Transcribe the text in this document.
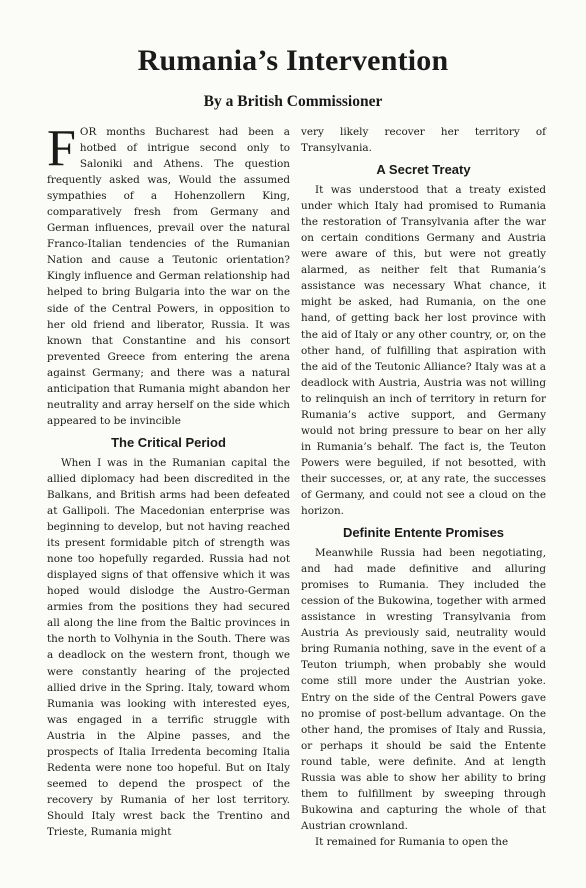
Rumania’s Intervention
By a British Commissioner

FOR months Bucharest had been a hotbed of intrigue second only to Saloniki and Athens. The question frequently asked was, Would the assumed sympathies of a Hohenzollern King, comparatively fresh from Germany and German influences, prevail over the natural Franco-Italian tendencies of the Rumanian Nation and cause a Teutonic orientation? Kingly influence and German relationship had helped to bring Bulgaria into the war on the side of the Central Powers, in opposition to her old friend and liberator, Russia. It was known that Constantine and his consort prevented Greece from entering the arena against Germany; and there was a natural anticipation that Rumania might abandon her neutrality and array herself on the side which appeared to be invincible

The Critical Period

When I was in the Rumanian capital the allied diplomacy had been discredited in the Balkans, and British arms had been defeated at Gallipoli. The Macedonian enterprise was beginning to develop, but not having reached its present formidable pitch of strength was none too hopefully regarded. Russia had not displayed signs of that offensive which it was hoped would dislodge the Austro-German armies from the positions they had secured all along the line from the Baltic provinces in the north to Volhynia in the South. There was a deadlock on the western front, though we were constantly hearing of the projected allied drive in the Spring. Italy, toward whom Rumania was looking with interested eyes, was engaged in a terrific struggle with Austria in the Alpine passes, and the prospects of Italia Irredenta becoming Italia Redenta were none too hopeful. But on Italy seemed to depend the prospect of the recovery by Rumania of her lost territory. Should Italy wrest back the Trentino and Trieste, Rumania might

very likely recover her territory of Transylvania.

A Secret Treaty

It was understood that a treaty existed under which Italy had promised to Rumania the restoration of Transylvania after the war on certain conditions Germany and Austria were aware of this, but were not greatly alarmed, as neither felt that Rumania’s assistance was necessary What chance, it might be asked, had Rumania, on the one hand, of getting back her lost province with the aid of Italy or any other country, or, on the other hand, of fulfilling that aspiration with the aid of the Teutonic Alliance? Italy was at a deadlock with Austria, Austria was not willing to relinquish an inch of territory in return for Rumania’s active support, and Germany would not bring pressure to bear on her ally in Rumania’s behalf. The fact is, the Teuton Powers were beguiled, if not besotted, with their successes, or, at any rate, the successes of Germany, and could not see a cloud on the horizon.

Definite Entente Promises

Meanwhile Russia had been negotiating, and had made definitive and alluring promises to Rumania. They included the cession of the Bukowina, together with armed assistance in wresting Transylvania from Austria As previously said, neutrality would bring Rumania nothing, save in the event of a Teuton triumph, when probably she would come still more under the Austrian yoke. Entry on the side of the Central Powers gave no promise of post-bellum advantage. On the other hand, the promises of Italy and Russia, or perhaps it should be said the Entente round table, were definite. And at length Russia was able to show her ability to bring them to fulfillment by sweeping through Bukowina and capturing the whole of that Austrian crownland.

It remained for Rumania to open the
